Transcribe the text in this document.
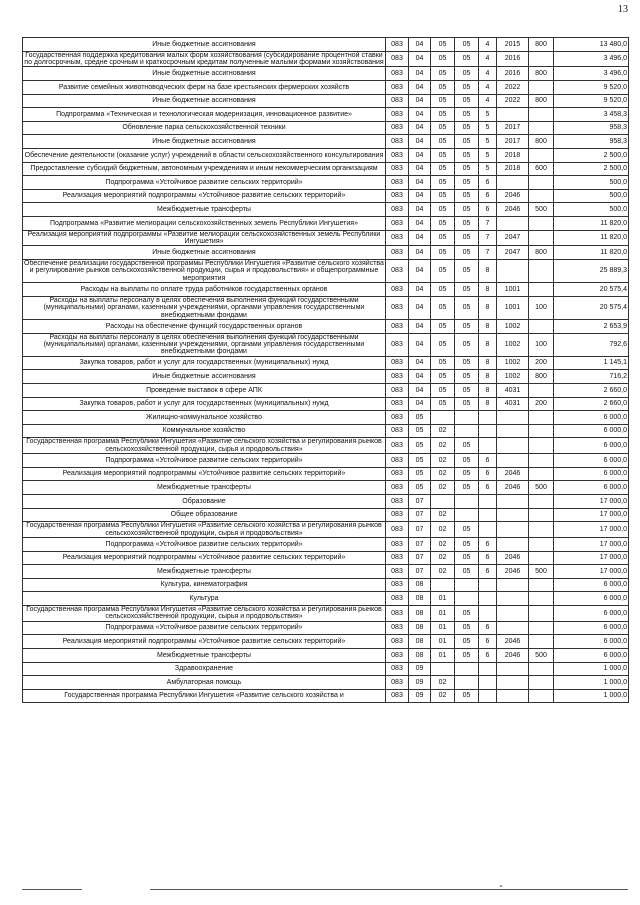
13
Иные бюджетные ассигнования	083	04	05	05	4	2015	800	13 480,0
Государственная поддержка кредитования малых форм хозяйствования (субсидирование процентной ставки по долгосрочным, средне срочным и краткосрочным кредитам полученные малыми формами хозяйствования	083	04	05	05	4	2016		3 496,0
Иные бюджетные ассигнования	083	04	05	05	4	2016	800	3 496,0
Развитие семейных животноводческих ферм на базе крестьянских фермерских хозяйств	083	04	05	05	4	2022		9 520,0
Иные бюджетные ассигнования	083	04	05	05	4	2022	800	9 520,0
Подпрограмма «Техническая и технологическая модернизация, инновационное развитие»	083	04	05	05	5			3 458,3
Обновление парка сельскохозяйственной техники	083	04	05	05	5	2017		958,3
Иные бюджетные ассигнования	083	04	05	05	5	2017	800	958,3
Обеспечение деятельности (оказание услуг) учреждений в области сельскохозяйственного консультирования	083	04	05	05	5	2018		2 500,0
Предоставление субсидий бюджетным, автономным учреждениям и иным некоммерческим организациям	083	04	05	05	5	2018	600	2 500,0
Подпрограмма «Устойчивое развитие сельских территорий»	083	04	05	05	6			500,0
Реализация мероприятий подпрограммы «Устойчивое развитие сельских территорий»	083	04	05	05	6	2046		500,0
Межбюджетные трансферты	083	04	05	05	6	2046	500	500,0
Подпрограмма «Развитие мелиорации сельскохозяйственных земель Республики Ингушетия»	083	04	05	05	7			11 820,0
Реализация мероприятий подпрограммы «Развитие мелиорации сельскохозяйственных земель Республики Ингушетия»	083	04	05	05	7	2047		11 820,0
Иные бюджетные ассигнования	083	04	05	05	7	2047	800	11 820,0
Обеспечение реализации государственной программы Республики Ингушетия «Развитие сельского хозяйства и регулирование рынков сельскохозяйственной продукции, сырья и продовольствия» и общепрограммные мероприятия	083	04	05	05	8			25 889,3
Расходы на выплаты по оплате труда работников государственных органов	083	04	05	05	8	1001		20 575,4
Расходы на выплаты персоналу в целях обеспечения выполнения функций государственными (муниципальными) органами, казенными учреждениями, органами управления государственными внебюджетными фондами	083	04	05	05	8	1001	100	20 575,4
Расходы на обеспечение функций государственных органов	083	04	05	05	8	1002		2 653,9
Расходы на выплаты персоналу в целях обеспечения выполнения функций государственными (муниципальными) органами, казенными учреждениями, органами управления государственными внебюджетными фондами	083	04	05	05	8	1002	100	792,6
Закупка товаров, работ и услуг для государственных (муниципальных) нужд	083	04	05	05	8	1002	200	1 145,1
Иные бюджетные ассигнования	083	04	05	05	8	1002	800	716,2
Проведение выставок в сфере АПК	083	04	05	05	8	4031		2 660,0
Закупка товаров, работ и услуг для государственных (муниципальных) нужд	083	04	05	05	8	4031	200	2 660,0
Жилищно-коммунальное хозяйство	083	05						6 000,0
Коммунальное хозяйство	083	05	02					6 000,0
Государственная программа Республики Ингушетия «Развитие сельского хозяйства и регулирования рынков сельскохозяйственной продукции, сырья и продовольствия»	083	05	02	05				6 000,0
Подпрограмма «Устойчивое развитие сельских территорий»	083	05	02	05	6			6 000,0
Реализация мероприятий подпрограммы «Устойчивое развитие сельских территорий»	083	05	02	05	6	2046		6 000,0
Межбюджетные трансферты	083	05	02	05	6	2046	500	6 000,0
Образование	083	07						17 000,0
Общее образование	083	07	02					17 000,0
Государственная программа Республики Ингушетия «Развитие сельского хозяйства и регулирования рынков сельскохозяйственной продукции, сырья и продовольствия»	083	07	02	05				17 000,0
Подпрограмма «Устойчивое развитие сельских территорий»	083	07	02	05	6			17 000,0
Реализация мероприятий подпрограммы «Устойчивое развитие сельских территорий»	083	07	02	05	6	2046		17 000,0
Межбюджетные трансферты	083	07	02	05	6	2046	500	17 000,0
Культура, кинематография	083	08						6 000,0
Культура	083	08	01					6 000,0
Государственная программа Республики Ингушетия «Развитие сельского хозяйства и регулирования рынков сельскохозяйственной продукции, сырья и продовольствия»	083	08	01	05				6 000,0
Подпрограмма «Устойчивое развитие сельских территорий»	083	08	01	05	6			6 000,0
Реализация мероприятий подпрограммы «Устойчивое развитие сельских территорий»	083	08	01	05	6	2046		6 000,0
Межбюджетные трансферты	083	08	01	05	6	2046	500	6 000,0
Здравоохранение	083	09						1 000,0
Амбулаторная помощь	083	09	02					1 000,0
Государственная программа Республики Ингушетия «Развитие сельского хозяйства и	083	09	02	05				1 000,0
